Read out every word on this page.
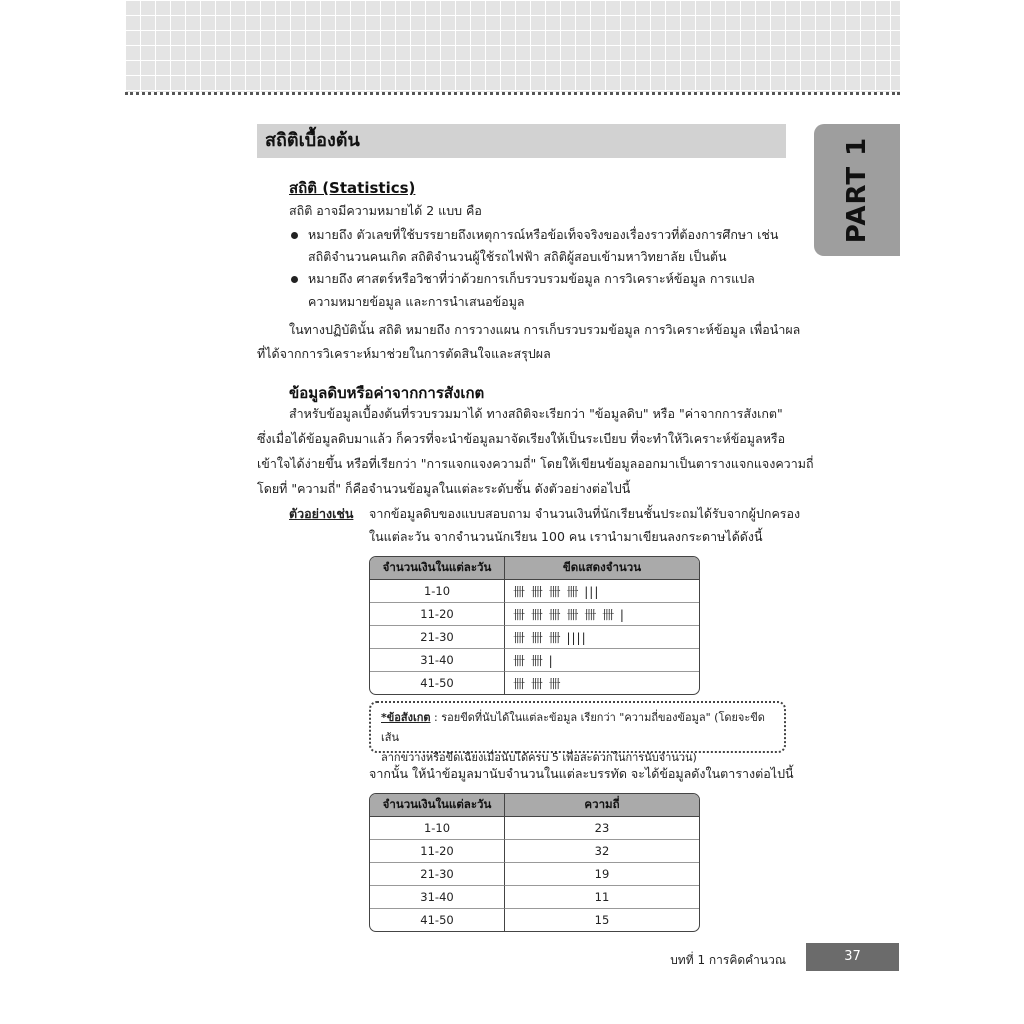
สถิติเบื้องต้น	PART 1
สถิติ (Statistics)
สถิติ อาจมีความหมายได้ 2 แบบ คือ
หมายถึง ตัวเลขที่ใช้บรรยายถึงเหตุการณ์หรือข้อเท็จจริงของเรื่องราวที่ต้องการศึกษา เช่น
สถิติจำนวนคนเกิด สถิติจำนวนผู้ใช้รถไฟฟ้า สถิติผู้สอบเข้ามหาวิทยาลัย เป็นต้น
หมายถึง ศาสตร์หรือวิชาที่ว่าด้วยการเก็บรวบรวมข้อมูล การวิเคราะห์ข้อมูล การแปล
ความหมายข้อมูล และการนำเสนอข้อมูล
ในทางปฏิบัตินั้น สถิติ หมายถึง การวางแผน การเก็บรวบรวมข้อมูล การวิเคราะห์ข้อมูล เพื่อนำผล
ที่ได้จากการวิเคราะห์มาช่วยในการตัดสินใจและสรุปผล
ข้อมูลดิบหรือค่าจากการสังเกต
สำหรับข้อมูลเบื้องต้นที่รวบรวมมาได้ ทางสถิติจะเรียกว่า "ข้อมูลดิบ" หรือ "ค่าจากการสังเกต"
ซึ่งเมื่อได้ข้อมูลดิบมาแล้ว ก็ควรที่จะนำข้อมูลมาจัดเรียงให้เป็นระเบียบ ที่จะทำให้วิเคราะห์ข้อมูลหรือ
เข้าใจได้ง่ายขึ้น หรือที่เรียกว่า "การแจกแจงความถี่" โดยให้เขียนข้อมูลออกมาเป็นตารางแจกแจงความถี่
โดยที่ "ความถี่" ก็คือจำนวนข้อมูลในแต่ละระดับชั้น ดังตัวอย่างต่อไปนี้
ตัวอย่างเช่น จากข้อมูลดิบของแบบสอบถาม จำนวนเงินที่นักเรียนชั้นประถมได้รับจากผู้ปกครอง
ในแต่ละวัน จากจำนวนนักเรียน 100 คน เรานำมาเขียนลงกระดาษได้ดังนี้
จำนวนเงินในแต่ละวัน	ขีดแสดงจำนวน
1-10	卌 卌 卌 卌 |||
11-20	卌 卌 卌 卌 卌 卌 |
21-30	卌 卌 卌 ||||
31-40	卌 卌 |
41-50	卌 卌 卌
*ข้อสังเกต : รอยขีดที่นับได้ในแต่ละข้อมูล เรียกว่า "ความถี่ของข้อมูล" (โดยจะขีดเส้น
ลากขวางหรือขีดเฉียงเมื่อนับได้ครบ 5 เพื่อสะดวกในการนับจำนวน)
จากนั้น ให้นำข้อมูลมานับจำนวนในแต่ละบรรทัด จะได้ข้อมูลดังในตารางต่อไปนี้
จำนวนเงินในแต่ละวัน	ความถี่
1-10	23
11-20	32
21-30	19
31-40	11
41-50	15
บทที่ 1 การคิดคำนวณ	37
